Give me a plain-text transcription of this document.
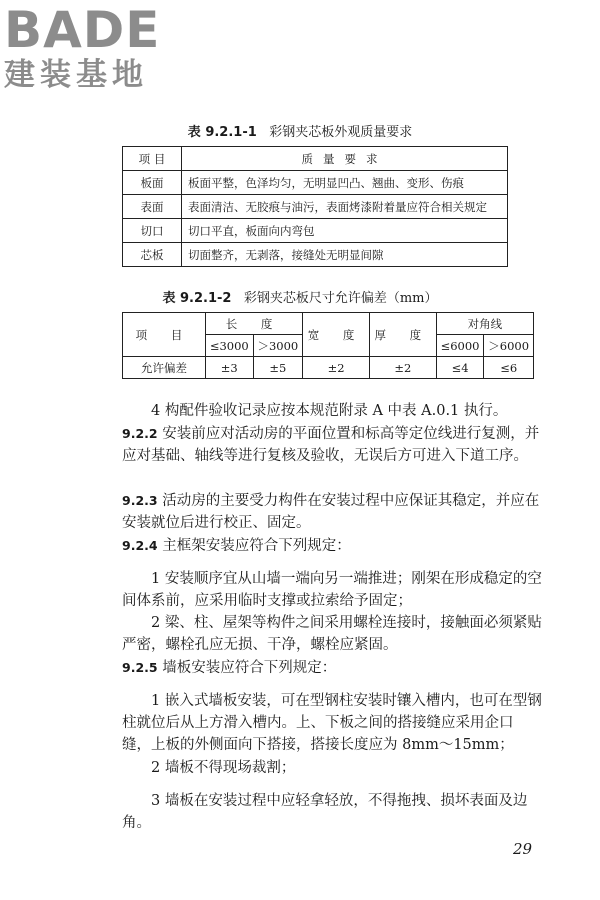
BADE
建装基地
表 9.2.1-1 彩钢夹芯板外观质量要求
项 目	质量要求
板面	板面平整，色泽均匀，无明显凹凸、翘曲、变形、伤痕
表面	表面清洁、无胶痕与油污，表面烤漆附着量应符合相关规定
切口	切口平直，板面向内弯包
芯板	切面整齐，无剥落，接缝处无明显间隙
表 9.2.1-2 彩钢夹芯板尺寸允许偏差（mm）
项 目	长 度		宽 度	厚 度	对角线	
	≤3000	＞3000			≤6000	＞6000
允许偏差	±3	±5	±2	±2	≤4	≤6
4 构配件验收记录应按本规范附录 A 中表 A.0.1 执行。
9.2.2 安装前应对活动房的平面位置和标高等定位线进行复测，并应对基础、轴线等进行复核及验收，无误后方可进入下道工序。
9.2.3 活动房的主要受力构件在安装过程中应保证其稳定，并应在安装就位后进行校正、固定。
9.2.4 主框架安装应符合下列规定：
1 安装顺序宜从山墙一端向另一端推进；刚架在形成稳定的空间体系前，应采用临时支撑或拉索给予固定；
2 梁、柱、屋架等构件之间采用螺栓连接时，接触面必须紧贴严密，螺栓孔应无损、干净，螺栓应紧固。
9.2.5 墙板安装应符合下列规定：
1 嵌入式墙板安装，可在型钢柱安装时镶入槽内，也可在型钢柱就位后从上方滑入槽内。上、下板之间的搭接缝应采用企口缝，上板的外侧面向下搭接，搭接长度应为 8mm～15mm；
2 墙板不得现场裁割；
3 墙板在安装过程中应轻拿轻放，不得拖拽、损坏表面及边角。
29
